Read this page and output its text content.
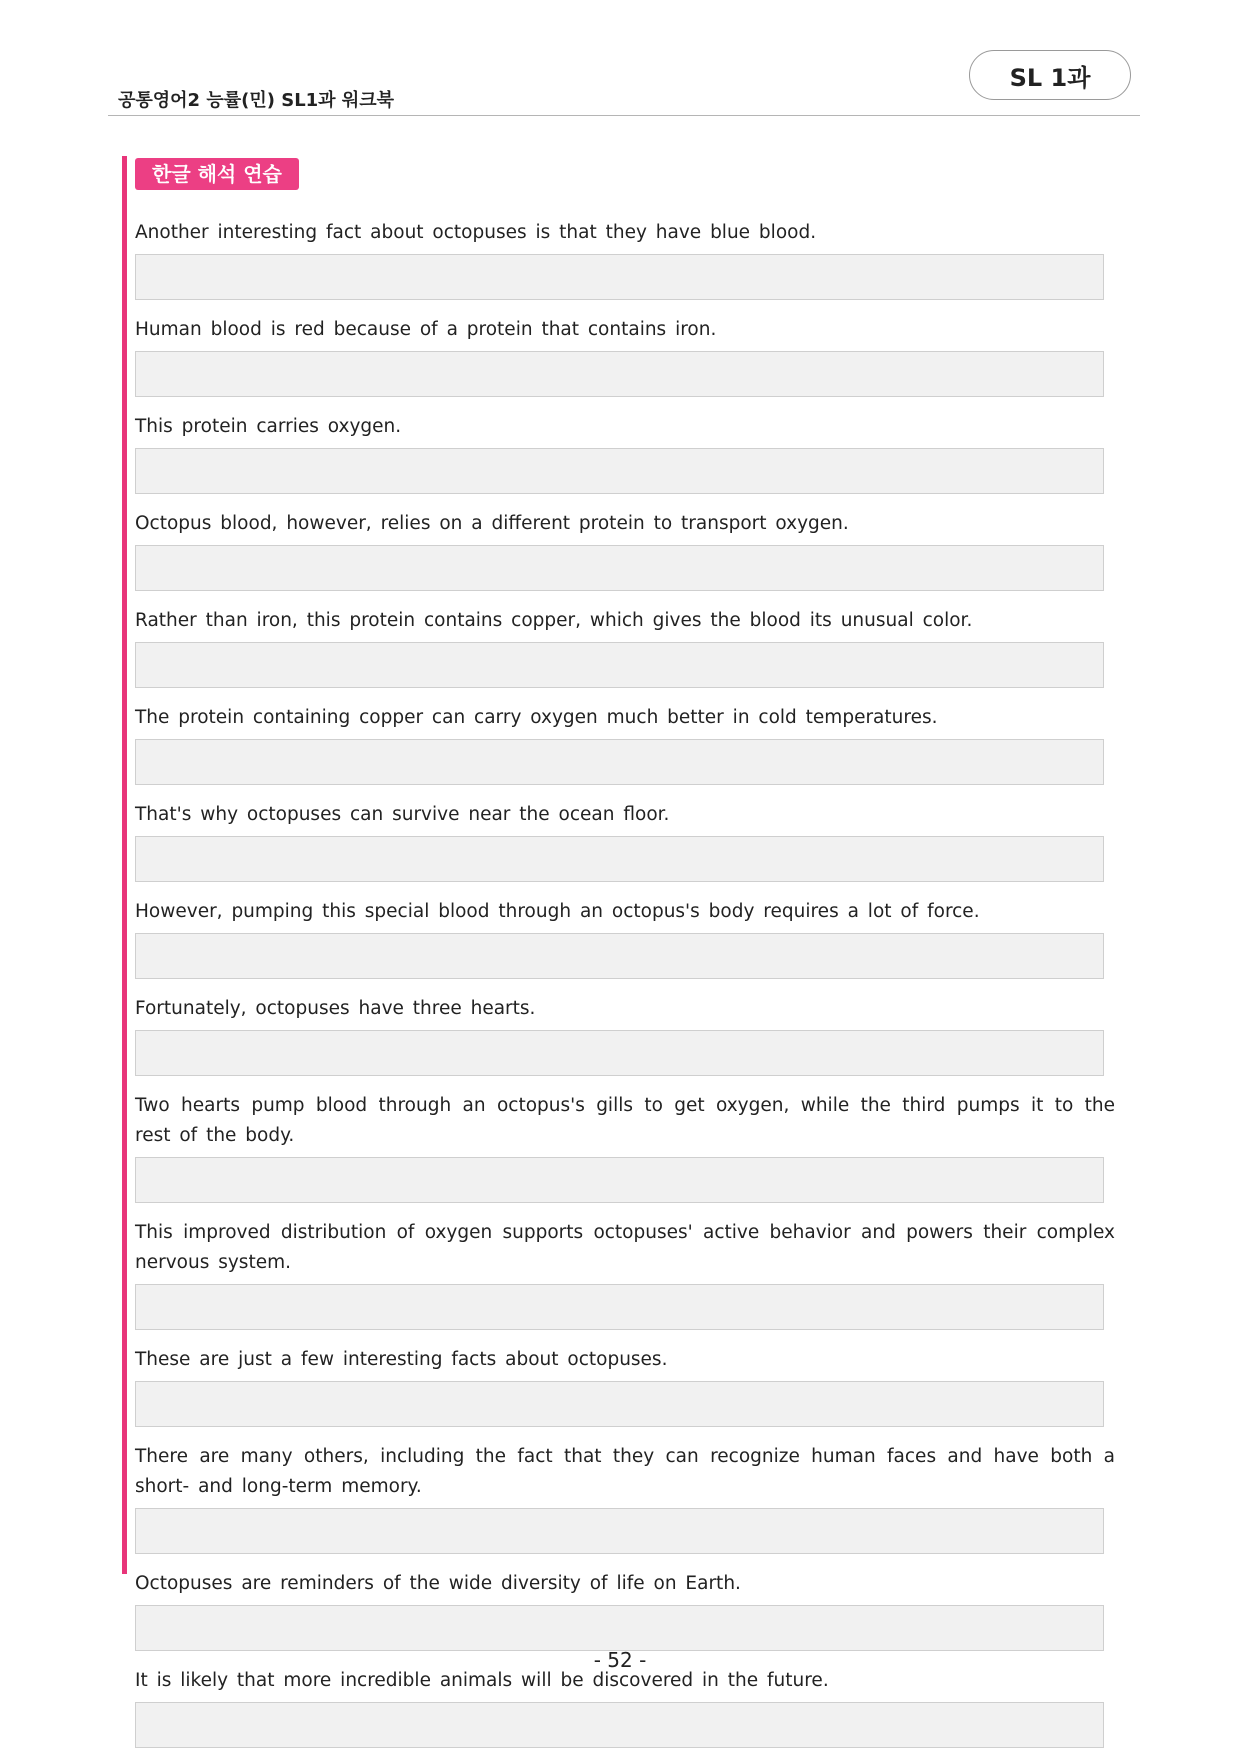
공통영어2 능률(민) SL1과 워크북
SL 1과
한글 해석 연습
Another interesting fact about octopuses is that they have blue blood.
Human blood is red because of a protein that contains iron.
This protein carries oxygen.
Octopus blood, however, relies on a different protein to transport oxygen.
Rather than iron, this protein contains copper, which gives the blood its unusual color.
The protein containing copper can carry oxygen much better in cold temperatures.
That's why octopuses can survive near the ocean floor.
However, pumping this special blood through an octopus's body requires a lot of force.
Fortunately, octopuses have three hearts.
Two hearts pump blood through an octopus's gills to get oxygen, while the third pumps it to the rest of the body.
This improved distribution of oxygen supports octopuses' active behavior and powers their complex nervous system.
These are just a few interesting facts about octopuses.
There are many others, including the fact that they can recognize human faces and have both a short- and long-term memory.
Octopuses are reminders of the wide diversity of life on Earth.
It is likely that more incredible animals will be discovered in the future.
- 52 -
